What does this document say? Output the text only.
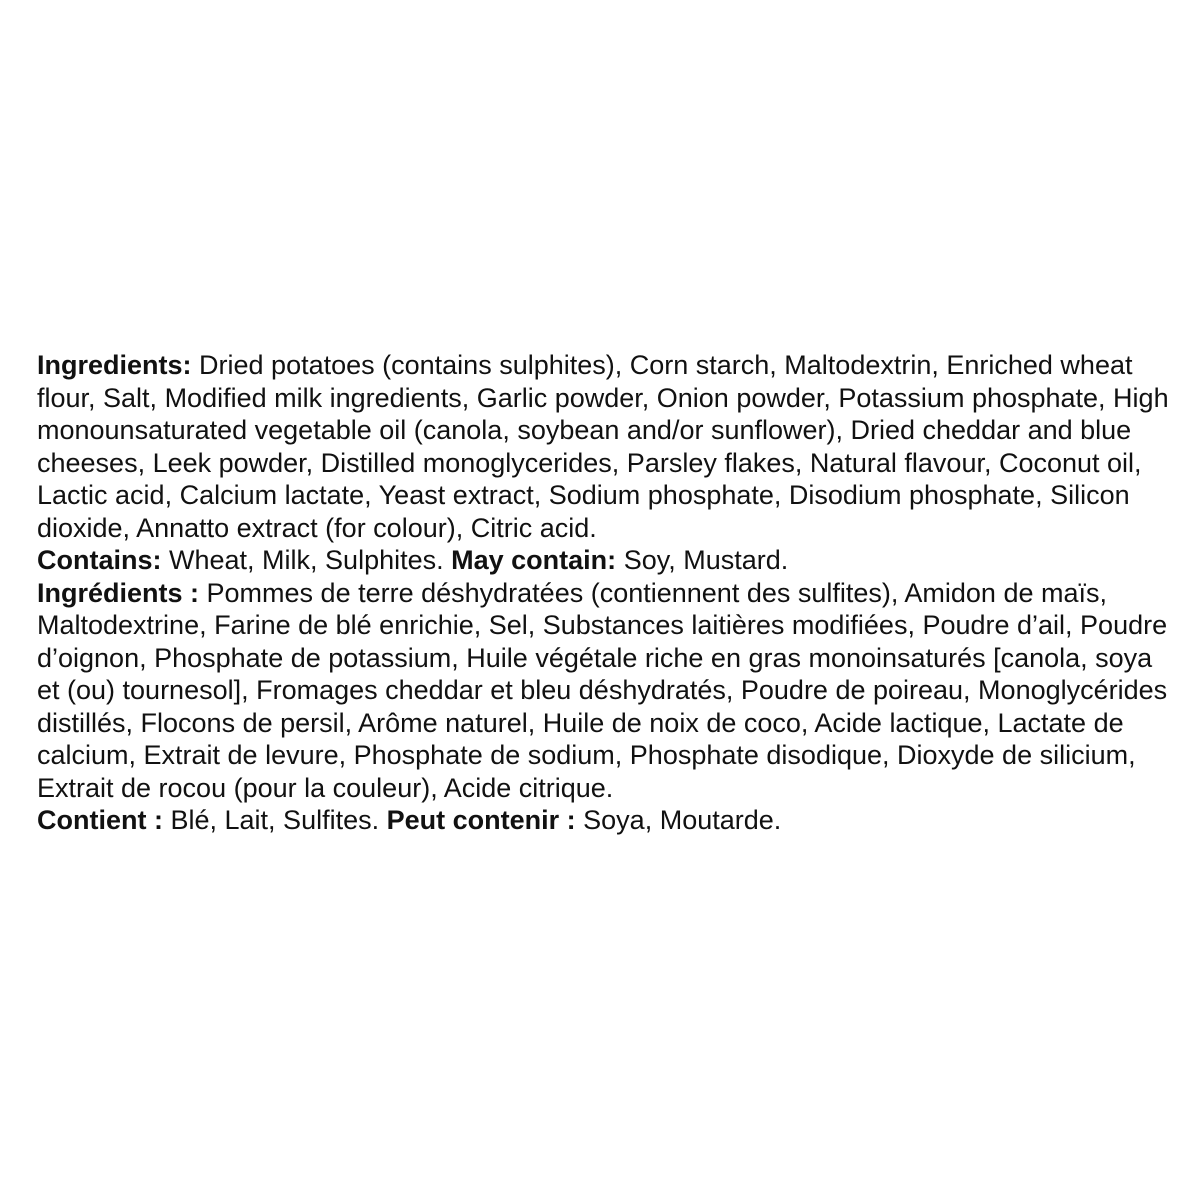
Ingredients: Dried potatoes (contains sulphites), Corn starch, Maltodextrin, Enriched wheat flour, Salt, Modified milk ingredients, Garlic powder, Onion powder, Potassium phosphate, High monounsaturated vegetable oil (canola, soybean and/or sunflower), Dried cheddar and blue cheeses, Leek powder, Distilled monoglycerides, Parsley flakes, Natural flavour, Coconut oil, Lactic acid, Calcium lactate, Yeast extract, Sodium phosphate, Disodium phosphate, Silicon dioxide, Annatto extract (for colour), Citric acid.

Contains: Wheat, Milk, Sulphites. May contain: Soy, Mustard.

Ingrédients : Pommes de terre déshydratées (contiennent des sulfites), Amidon de maïs, Maltodextrine, Farine de blé enrichie, Sel, Substances laitières modifiées, Poudre d’ail, Poudre d’oignon, Phosphate de potassium, Huile végétale riche en gras monoinsaturés [canola, soya et (ou) tournesol], Fromages cheddar et bleu déshydratés, Poudre de poireau, Monoglycérides distillés, Flocons de persil, Arôme naturel, Huile de noix de coco, Acide lactique, Lactate de calcium, Extrait de levure, Phosphate de sodium, Phosphate disodique, Dioxyde de silicium, Extrait de rocou (pour la couleur), Acide citrique.

Contient : Blé, Lait, Sulfites. Peut contenir : Soya, Moutarde.
